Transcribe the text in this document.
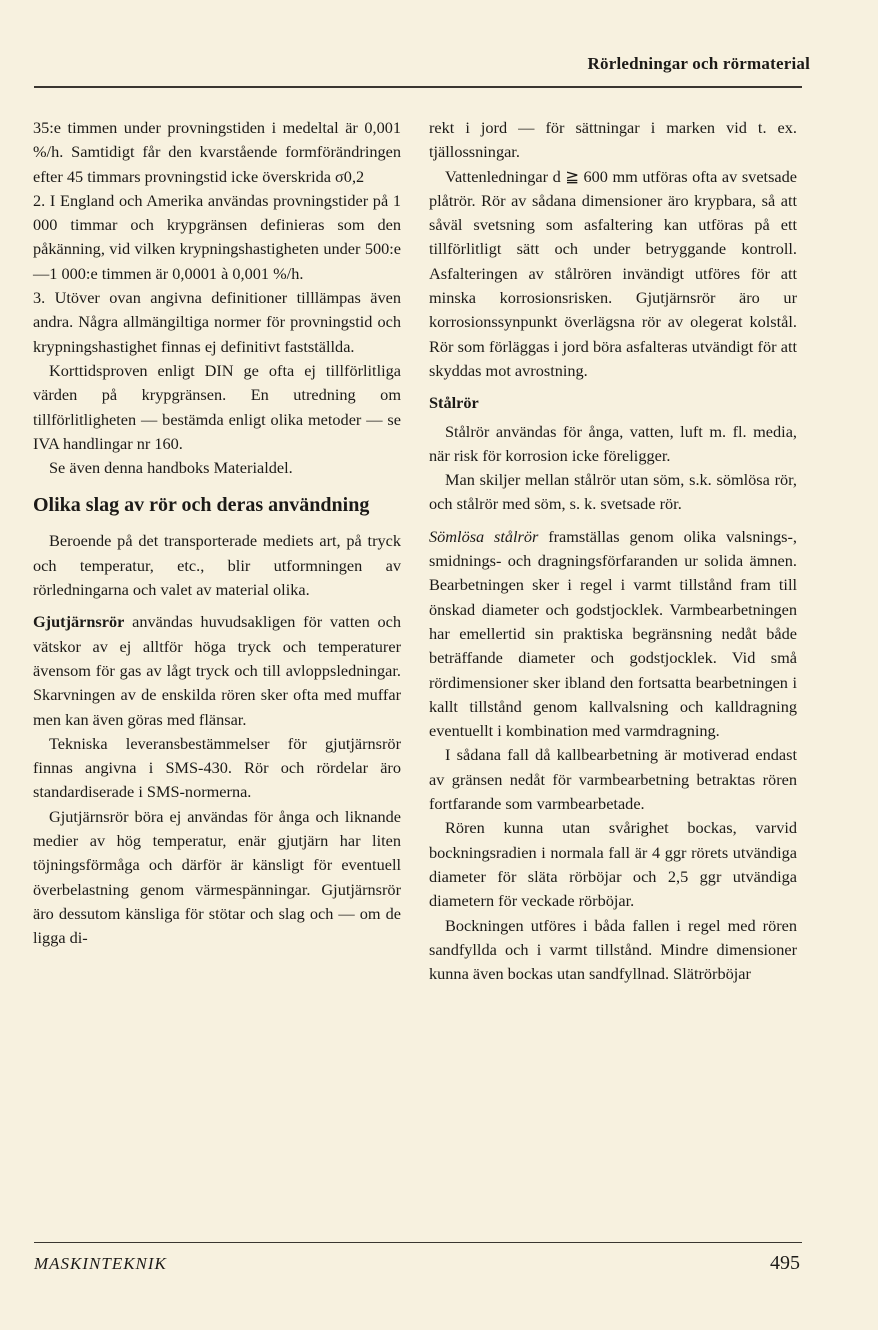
Rörledningar och rörmaterial

35:e timmen under provningstiden i medeltal är 0,001 %/h. Samtidigt får den kvarstående formförändringen efter 45 timmars provningstid icke överskrida σ0,2

2. I England och Amerika användas provningstider på 1 000 timmar och krypgränsen definieras som den påkänning, vid vilken krypningshastigheten under 500:e—1 000:e timmen är 0,0001 à 0,001 %/h.

3. Utöver ovan angivna definitioner tilllämpas även andra. Några allmängiltiga normer för provningstid och krypningshastighet finnas ej definitivt fastställda.

Korttidsproven enligt DIN ge ofta ej tillförlitliga värden på krypgränsen. En utredning om tillförlitligheten — bestämda enligt olika metoder — se IVA handlingar nr 160.

Se även denna handboks Materialdel.

Olika slag av rör och deras användning

Beroende på det transporterade mediets art, på tryck och temperatur, etc., blir utformningen av rörledningarna och valet av material olika.

Gjutjärnsrör användas huvudsakligen för vatten och vätskor av ej alltför höga tryck och temperaturer ävensom för gas av lågt tryck och till avloppsledningar. Skarvningen av de enskilda rören sker ofta med muffar men kan även göras med flänsar.

Tekniska leveransbestämmelser för gjutjärnsrör finnas angivna i SMS-430. Rör och rördelar äro standardiserade i SMS-normerna.

Gjutjärnsrör böra ej användas för ånga och liknande medier av hög temperatur, enär gjutjärn har liten töjningsförmåga och därför är känsligt för eventuell överbelastning genom värmespänningar. Gjutjärnsrör äro dessutom känsliga för stötar och slag och — om de ligga di-

rekt i jord — för sättningar i marken vid t. ex. tjällossningar.

Vattenledningar d ≧ 600 mm utföras ofta av svetsade plåtrör. Rör av sådana dimensioner äro krypbara, så att såväl svetsning som asfaltering kan utföras på ett tillförlitligt sätt och under betryggande kontroll. Asfalteringen av stålrören invändigt utföres för att minska korrosionsrisken. Gjutjärnsrör äro ur korrosionssynpunkt överlägsna rör av olegerat kolstål. Rör som förläggas i jord böra asfalteras utvändigt för att skyddas mot avrostning.

Stålrör

Stålrör användas för ånga, vatten, luft m. fl. media, när risk för korrosion icke föreligger.

Man skiljer mellan stålrör utan söm, s.k. sömlösa rör, och stålrör med söm, s. k. svetsade rör.

Sömlösa stålrör framställas genom olika valsnings-, smidnings- och dragningsförfaranden ur solida ämnen. Bearbetningen sker i regel i varmt tillstånd fram till önskad diameter och godstjocklek. Varmbearbetningen har emellertid sin praktiska begränsning nedåt både beträffande diameter och godstjocklek. Vid små rördimensioner sker ibland den fortsatta bearbetningen i kallt tillstånd genom kallvalsning och kalldragning eventuellt i kombination med varmdragning.

I sådana fall då kallbearbetning är motiverad endast av gränsen nedåt för varmbearbetning betraktas rören fortfarande som varmbearbetade.

Rören kunna utan svårighet bockas, varvid bockningsradien i normala fall är 4 ggr rörets utvändiga diameter för släta rörböjar och 2,5 ggr utvändiga diametern för veckade rörböjar.

Bockningen utföres i båda fallen i regel med rören sandfyllda och i varmt tillstånd. Mindre dimensioner kunna även bockas utan sandfyllnad. Slätrörböjar

MASKINTEKNIK	495
